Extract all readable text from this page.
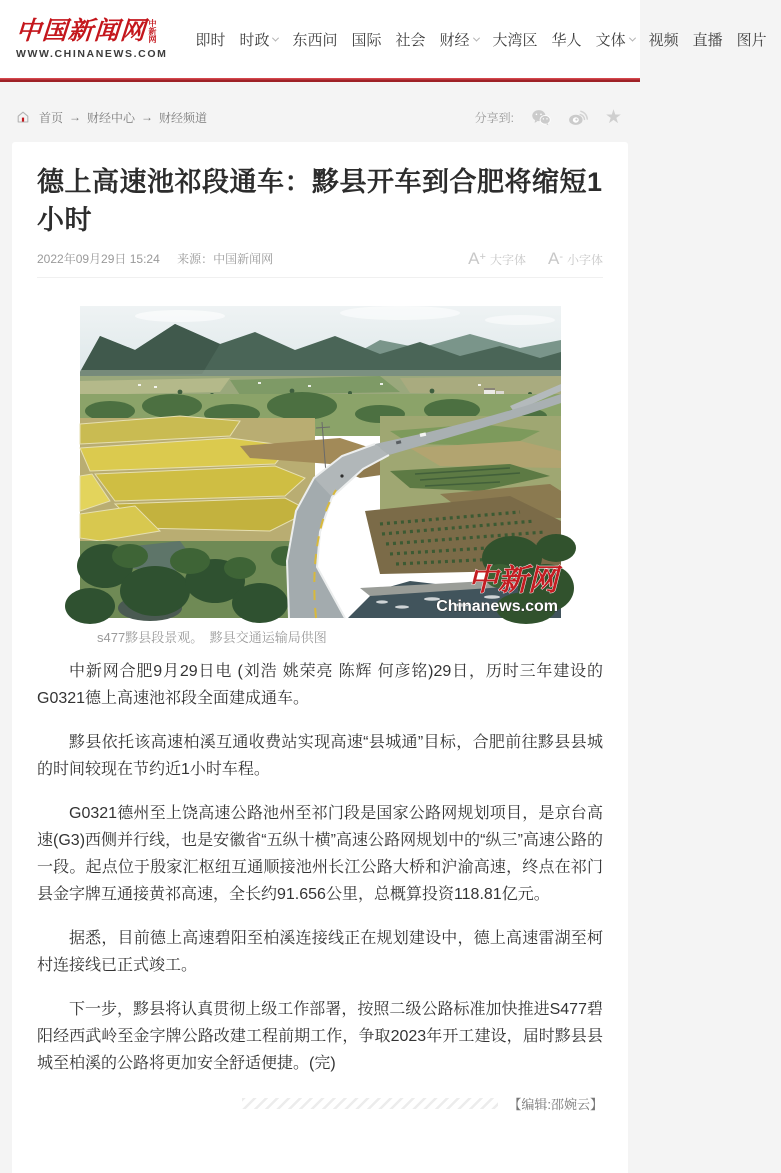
中国新闻网 中新网
WWW.CHINANEWS.COM
即时 时政 东西问 国际 社会 财经 大湾区 华人 文体 视频 直播 图片
首页 → 财经中心 → 财经频道	分享到:	★
德上高速池祁段通车：黟县开车到合肥将缩短1小时
2022年09月29日 15:24 来源：中国新闻网	A+ 大字体 A- 小字体
中新网
Chinanews.com
s477黟县段景观。　黟县交通运输局供图

中新网合肥9月29日电 (刘浩 姚荣亮 陈辉 何彦铭)29日，历时三年建设的G0321德上高速池祁段全面建成通车。

黟县依托该高速柏溪互通收费站实现高速“县城通”目标，合肥前往黟县县城的时间较现在节约近1小时车程。

G0321德州至上饶高速公路池州至祁门段是国家公路网规划项目，是京台高速(G3)西侧并行线，也是安徽省“五纵十横”高速公路网规划中的“纵三”高速公路的一段。起点位于殷家汇枢纽互通顺接池州长江公路大桥和沪渝高速，终点在祁门县金字牌互通接黄祁高速，全长约91.656公里，总概算投资118.81亿元。

据悉，目前德上高速碧阳至柏溪连接线正在规划建设中，德上高速雷湖至柯村连接线已正式竣工。

下一步，黟县将认真贯彻上级工作部署，按照二级公路标准加快推进S477碧阳经西武岭至金字牌公路改建工程前期工作，争取2023年开工建设，届时黟县县城至柏溪的公路将更加安全舒适便捷。(完)

【编辑:邵婉云】
